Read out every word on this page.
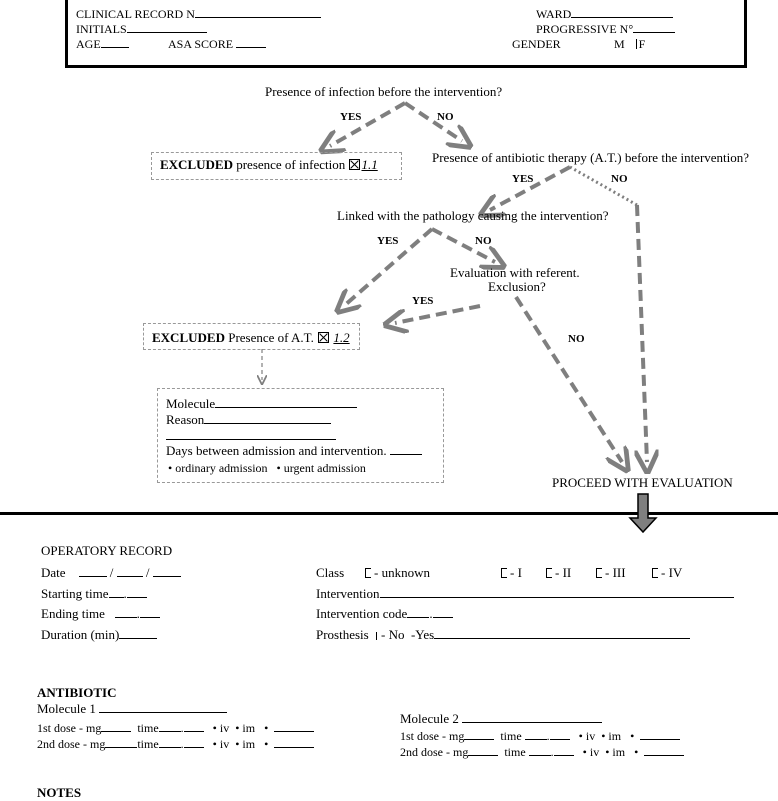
CLINICAL RECORD N
INITIALS
AGE	ASA SCORE
WARD
PROGRESSIVE N°
GENDER	M F
Presence of infection before the intervention?
YES	NO
EXCLUDED presence of infection 1.1	Presence of antibiotic therapy (A.T.) before the intervention?
YES	NO
Linked with the pathology causing the intervention?
YES	NO
Evaluation with referent.
Exclusion?
YES
NO
EXCLUDED Presence of A.T. 1.2
Molecule
Reason
Days between admission and intervention.
• ordinary admission   • urgent admission
PROCEED WITH EVALUATION
OPERATORY RECORD
Date	/  /
Starting time .
Ending time .
Duration (min)
Class	- unknown	- I	- II	- III	- IV
Intervention
Intervention code .
Prosthesis - No -Yes
ANTIBIOTIC
Molecule 1
1st dose - mg	time .   • iv  • im   •
2nd dose - mg	time .   • iv  • im   •
Molecule 2
1st dose - mg	time .   • iv  • im   •
2nd dose - mg	time .   • iv  • im   •
NOTES
